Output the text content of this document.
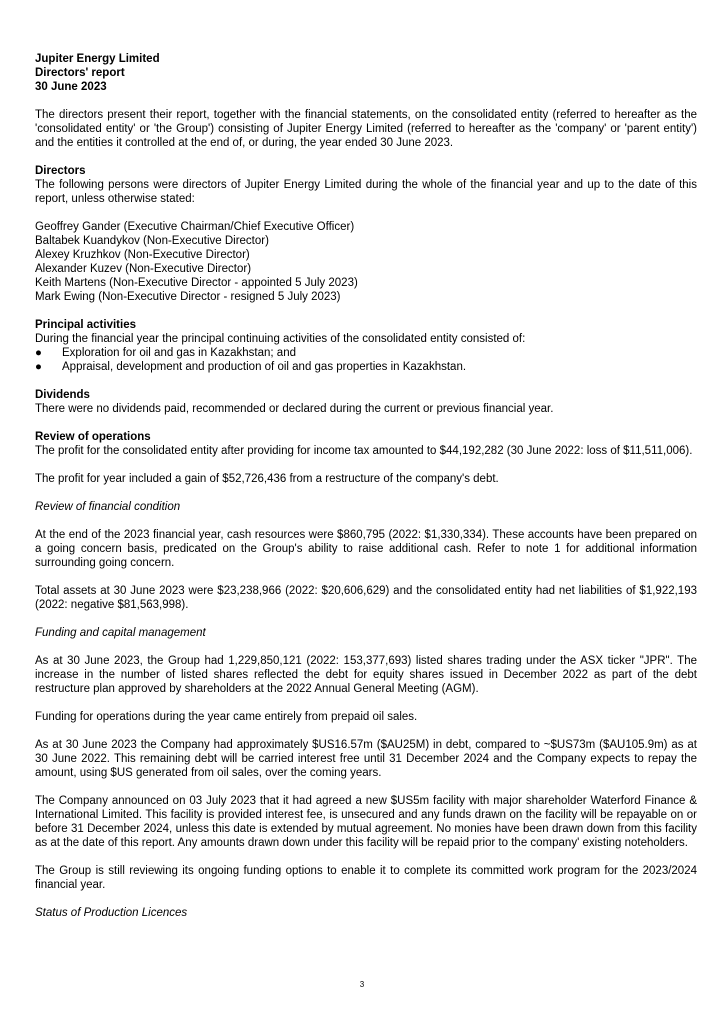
Jupiter Energy Limited

Directors' report

30 June 2023

The directors present their report, together with the financial statements, on the consolidated entity (referred to hereafter as the 'consolidated entity' or 'the Group') consisting of Jupiter Energy Limited (referred to hereafter as the 'company' or 'parent entity') and the entities it controlled at the end of, or during, the year ended 30 June 2023.

Directors

The following persons were directors of Jupiter Energy Limited during the whole of the financial year and up to the date of this report, unless otherwise stated:

Geoffrey Gander (Executive Chairman/Chief Executive Officer)

Baltabek Kuandykov (Non-Executive Director)

Alexey Kruzhkov (Non-Executive Director)

Alexander Kuzev (Non-Executive Director)

Keith Martens (Non-Executive Director - appointed 5 July 2023)

Mark Ewing (Non-Executive Director - resigned 5 July 2023)

Principal activities

During the financial year the principal continuing activities of the consolidated entity consisted of:

●	Exploration for oil and gas in Kazakhstan; and
●	Appraisal, development and production of oil and gas properties in Kazakhstan.

Dividends

There were no dividends paid, recommended or declared during the current or previous financial year.

Review of operations

The profit for the consolidated entity after providing for income tax amounted to $44,192,282 (30 June 2022: loss of $11,511,006).

The profit for year included a gain of $52,726,436 from a restructure of the company's debt.

Review of financial condition

At the end of the 2023 financial year, cash resources were $860,795 (2022: $1,330,334). These accounts have been prepared on a going concern basis, predicated on the Group's ability to raise additional cash. Refer to note 1 for additional information surrounding going concern.

Total assets at 30 June 2023 were $23,238,966 (2022: $20,606,629) and the consolidated entity had net liabilities of $1,922,193 (2022: negative $81,563,998).

Funding and capital management

As at 30 June 2023, the Group had 1,229,850,121 (2022: 153,377,693) listed shares trading under the ASX ticker "JPR". The increase in the number of listed shares reflected the debt for equity shares issued in December 2022 as part of the debt restructure plan approved by shareholders at the 2022 Annual General Meeting (AGM).

Funding for operations during the year came entirely from prepaid oil sales.

As at 30 June 2023 the Company had approximately $US16.57m ($AU25M) in debt, compared to ~$US73m ($AU105.9m) as at 30 June 2022. This remaining debt will be carried interest free until 31 December 2024 and the Company expects to repay the amount, using $US generated from oil sales, over the coming years.

The Company announced on 03 July 2023 that it had agreed a new $US5m facility with major shareholder Waterford Finance & International Limited. This facility is provided interest fee, is unsecured and any funds drawn on the facility will be repayable on or before 31 December 2024, unless this date is extended by mutual agreement. No monies have been drawn down from this facility as at the date of this report. Any amounts drawn down under this facility will be repaid prior to the company' existing noteholders.

The Group is still reviewing its ongoing funding options to enable it to complete its committed work program for the 2023/2024 financial year.

Status of Production Licences

3
